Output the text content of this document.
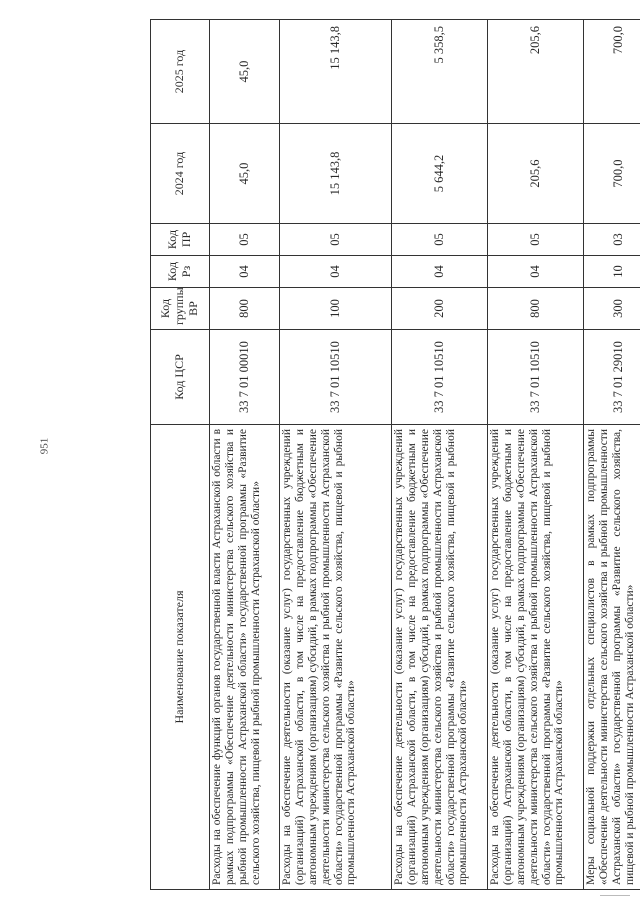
951
Наименование показателя	Код ЦСР	Код группы ВР	Код Рз	Код ПР	2024 год	2025 год
Расходы на обеспечение функций органов государственной власти Астраханской области в рамках подпрограммы «Обеспечение деятельности министерства сельского хозяйства и рыбной промышленности Астраханской области» государственной программы «Развитие сельского хозяйства, пищевой и рыбной промышленности Астраханской области»	33 7 01 00010	800	04	05	45,0	45,0
Расходы на обеспечение деятельности (оказание услуг) государственных учреждений (организаций) Астраханской области, в том числе на предоставление бюджетным и автономным учреждениям (организациям) субсидий, в рамках подпрограммы «Обеспечение деятельности министерства сельского хозяйства и рыбной промышленности Астраханской области» государственной программы «Развитие сельского хозяйства, пищевой и рыбной промышленности Астраханской области»	33 7 01 10510	100	04	05	15 143,8	15 143,8
Расходы на обеспечение деятельности (оказание услуг) государственных учреждений (организаций) Астраханской области, в том числе на предоставление бюджетным и автономным учреждениям (организациям) субсидий, в рамках подпрограммы «Обеспечение деятельности министерства сельского хозяйства и рыбной промышленности Астраханской области» государственной программы «Развитие сельского хозяйства, пищевой и рыбной промышленности Астраханской области»	33 7 01 10510	200	04	05	5 644,2	5 358,5
Расходы на обеспечение деятельности (оказание услуг) государственных учреждений (организаций) Астраханской области, в том числе на предоставление бюджетным и автономным учреждениям (организациям) субсидий, в рамках подпрограммы «Обеспечение деятельности министерства сельского хозяйства и рыбной промышленности Астраханской области» государственной программы «Развитие сельского хозяйства, пищевой и рыбной промышленности Астраханской области»	33 7 01 10510	800	04	05	205,6	205,6
Меры социальной поддержки отдельных специалистов в рамках подпрограммы «Обеспечение деятельности министерства сельского хозяйства и рыбной промышленности Астраханской области» государственной программы «Развитие сельского хозяйства, пищевой и рыбной промышленности Астраханской области»	33 7 01 29010	300	10	03	700,0	700,0
